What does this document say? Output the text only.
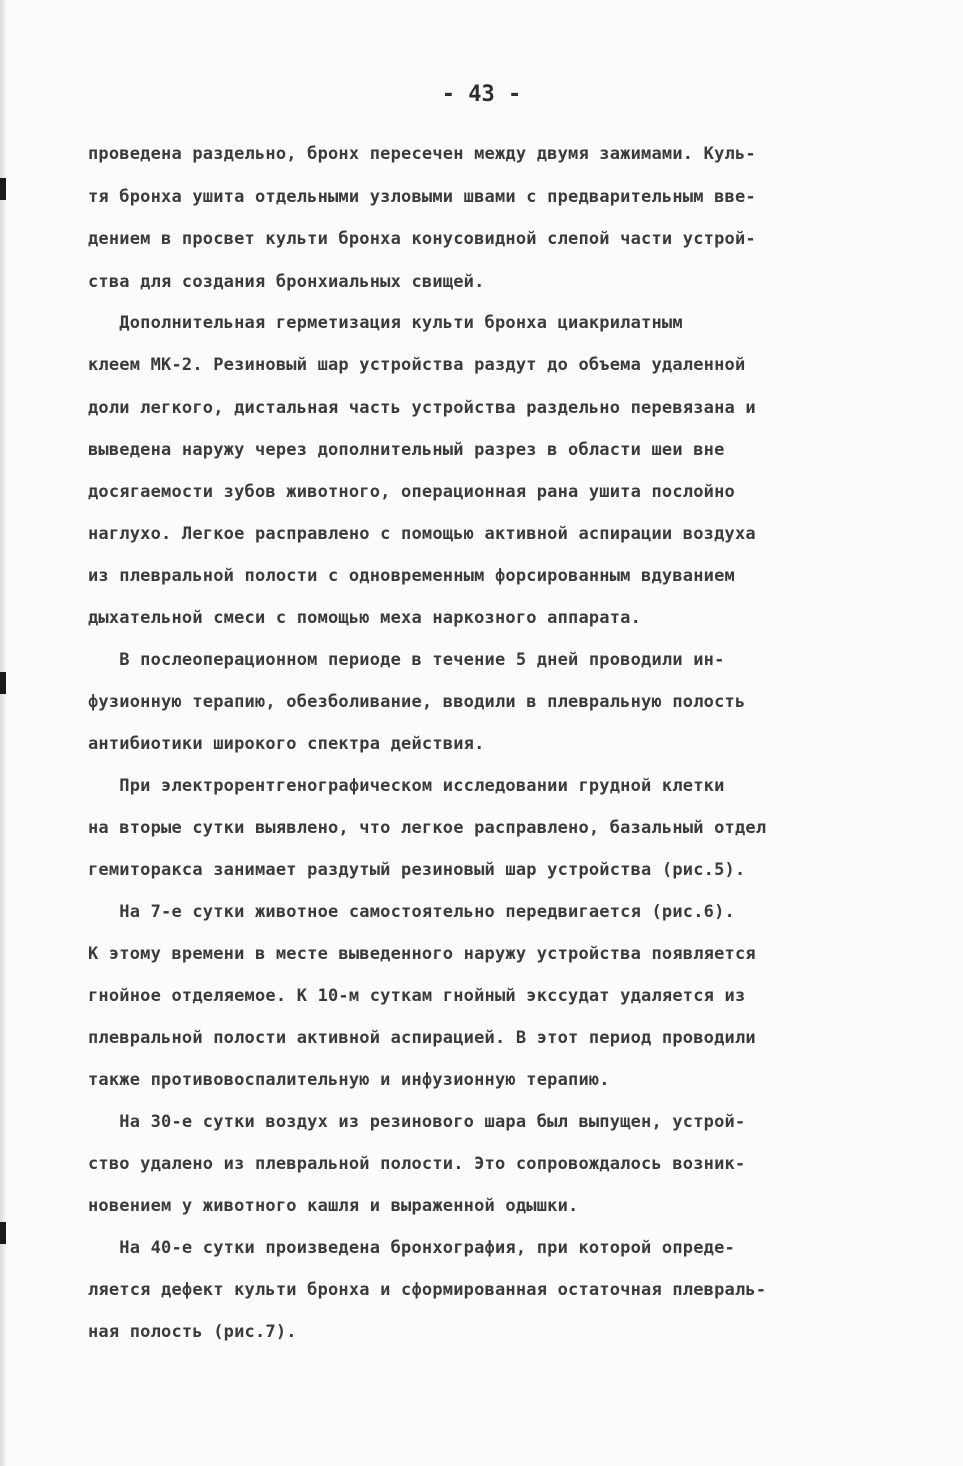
- 43 -
проведена раздельно, бронх пересечен между двумя зажимами. Куль-
тя бронха ушита отдельными узловыми швами с предварительным вве-
дением в просвет культи бронха конусовидной слепой части устрой-
ства для создания бронхиальных свищей.
Дополнительная герметизация культи бронха циакрилатным
клеем МК-2. Резиновый шар устройства раздут до объема удаленной
доли легкого, дистальная часть устройства раздельно перевязана и
выведена наружу через дополнительный разрез в области шеи вне
досягаемости зубов животного, операционная рана ушита послойно
наглухо. Легкое расправлено с помощью активной аспирации воздуха
из плевральной полости с одновременным форсированным вдуванием
дыхательной смеси с помощью меха наркозного аппарата.
В послеоперационном периоде в течение 5 дней проводили ин-
фузионную терапию, обезболивание, вводили в плевральную полость
антибиотики широкого спектра действия.
При электрорентгенографическом исследовании грудной клетки
на вторые сутки выявлено, что легкое расправлено, базальный отдел
гемиторакса занимает раздутый резиновый шар устройства (рис.5).
На 7-е сутки животное самостоятельно передвигается (рис.6).
К этому времени в месте выведенного наружу устройства появляется
гнойное отделяемое. К 10-м суткам гнойный экссудат удаляется из
плевральной полости активной аспирацией. В этот период проводили
также противовоспалительную и инфузионную терапию.
На 30-е сутки воздух из резинового шара был выпущен, устрой-
ство удалено из плевральной полости. Это сопровождалось возник-
новением у животного кашля и выраженной одышки.
На 40-е сутки произведена бронхография, при которой опреде-
ляется дефект культи бронха и сформированная остаточная плевраль-
ная полость (рис.7).
